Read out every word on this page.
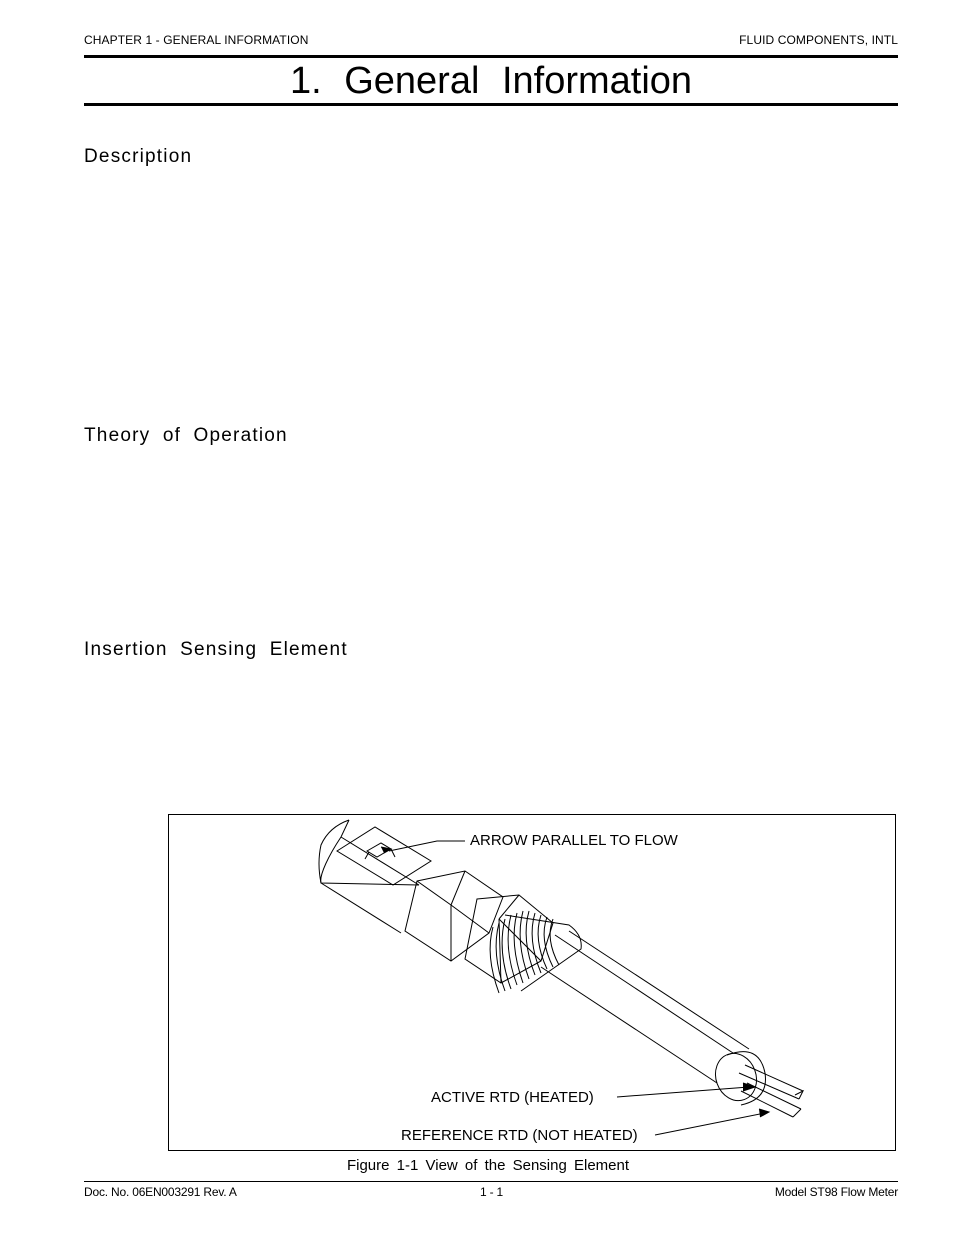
CHAPTER 1 - GENERAL INFORMATION	FLUID COMPONENTS, INTL
1. General Information
Description
Theory of Operation
Insertion Sensing Element
ARROW PARALLEL TO FLOW
ACTIVE RTD (HEATED)
REFERENCE RTD (NOT HEATED)
Figure 1-1 View of the Sensing Element
Doc. No. 06EN003291 Rev. A	1 - 1	Model ST98 Flow Meter
